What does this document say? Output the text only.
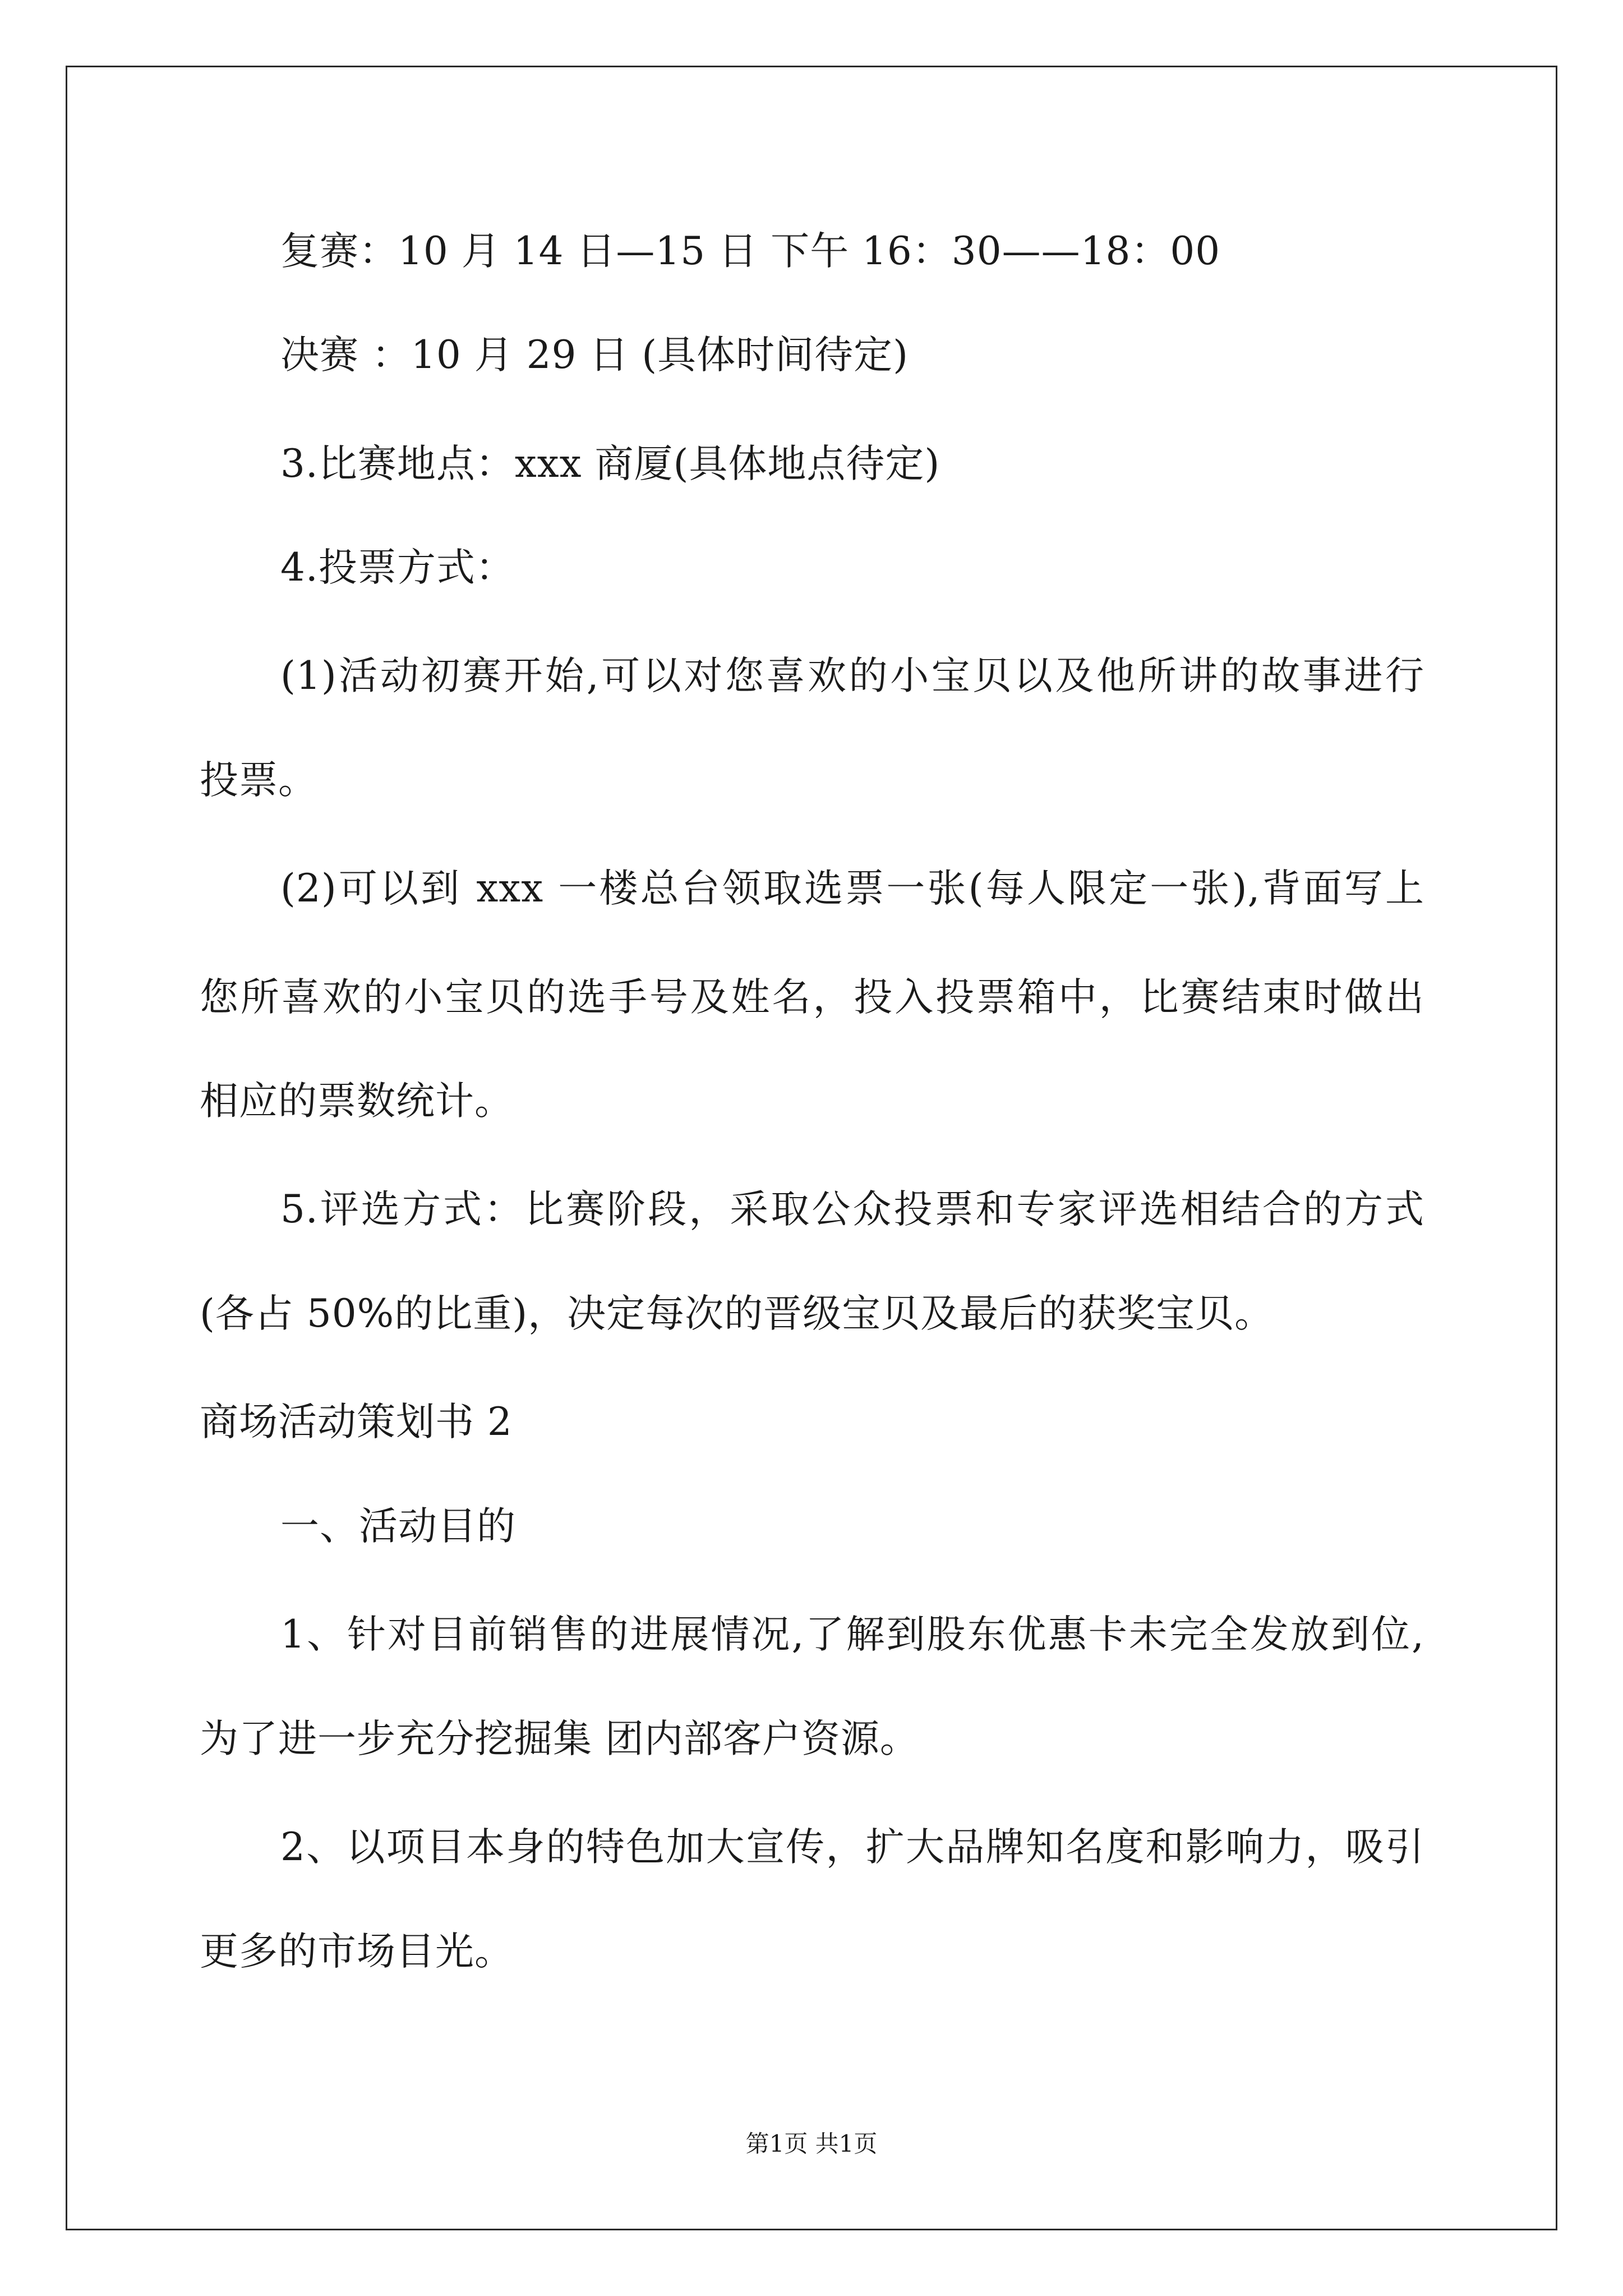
复赛：10 月 14 日—15 日 下午 16：30——18：00
决赛 ：10 月 29 日 (具体时间待定)
3.比赛地点：xxx 商厦(具体地点待定)
4.投票方式：
(1)活动初赛开始,可以对您喜欢的小宝贝以及他所讲的故事进行
投票。
(2)可以到 xxx 一楼总台领取选票一张(每人限定一张),背面写上
您所喜欢的小宝贝的选手号及姓名，投入投票箱中，比赛结束时做出
相应的票数统计。
5.评选方式：比赛阶段，采取公众投票和专家评选相结合的方式
(各占 50%的比重)，决定每次的晋级宝贝及最后的获奖宝贝。
商场活动策划书 2
一、活动目的
1、针对目前销售的进展情况,了解到股东优惠卡未完全发放到位,
为了进一步充分挖掘集 团内部客户资源。
2、以项目本身的特色加大宣传，扩大品牌知名度和影响力，吸引
更多的市场目光。
第1页 共1页
